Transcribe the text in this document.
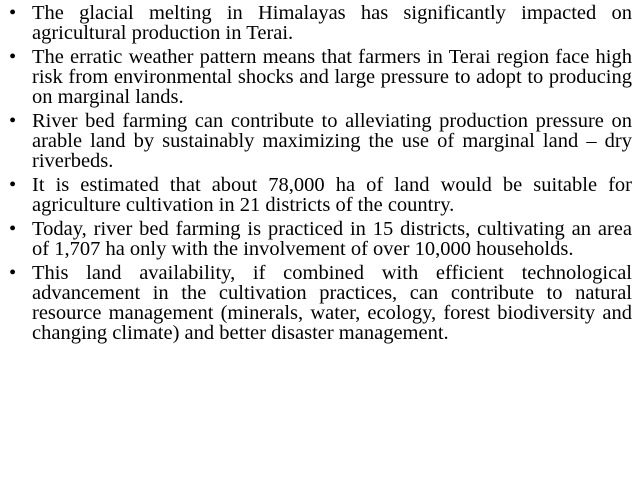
• The glacial melting in Himalayas has significantly impacted on agricultural production in Terai.
• The erratic weather pattern means that farmers in Terai region face high risk from environmental shocks and large pressure to adopt to producing on marginal lands.
• River bed farming can contribute to alleviating production pressure on arable land by sustainably maximizing the use of marginal land – dry riverbeds.
• It is estimated that about 78,000 ha of land would be suitable for agriculture cultivation in 21 districts of the country.
• Today, river bed farming is practiced in 15 districts, cultivating an area of 1,707 ha only with the involvement of over 10,000 households.
• This land availability, if combined with efficient technological advancement in the cultivation practices, can contribute to natural resource management (minerals, water, ecology, forest biodiversity and changing climate) and better disaster management.
